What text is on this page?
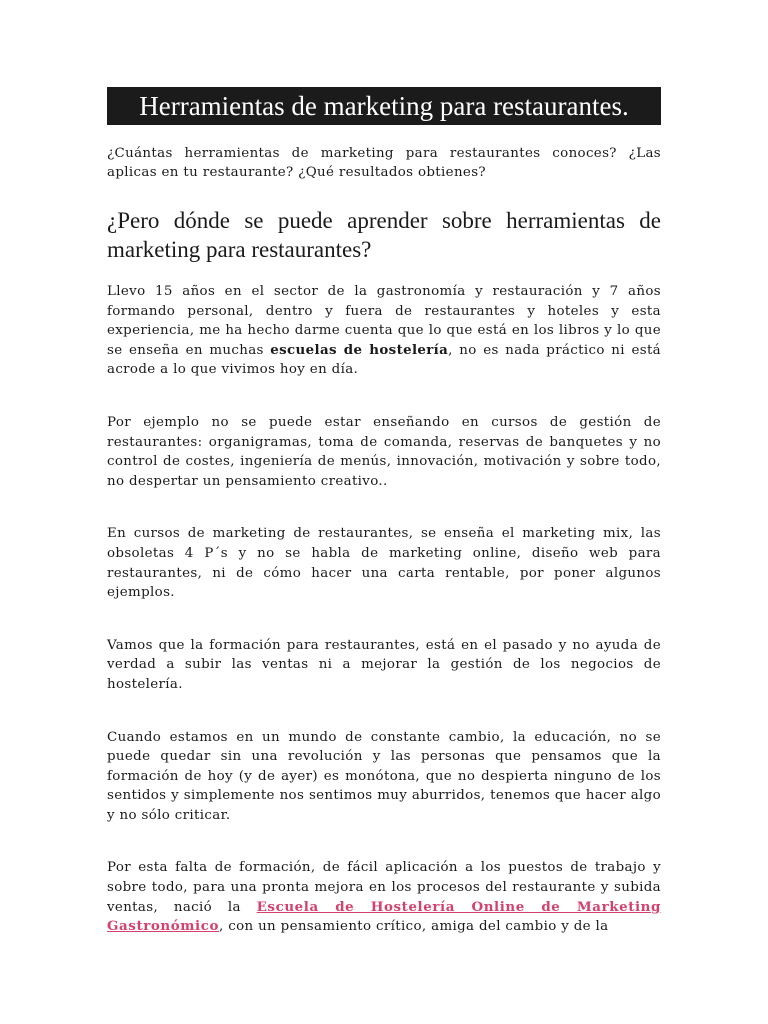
Herramientas de marketing para restaurantes.

¿Cuántas herramientas de marketing para restaurantes conoces? ¿Las aplicas en tu restaurante? ¿Qué resultados obtienes?

¿Pero dónde se puede aprender sobre herramientas de marketing para restaurantes?

Llevo 15 años en el sector de la gastronomía y restauración y 7 años formando personal, dentro y fuera de restaurantes y hoteles y esta experiencia, me ha hecho darme cuenta que lo que está en los libros y lo que se enseña en muchas escuelas de hostelería, no es nada práctico ni está acrode a lo que vivimos hoy en día.

Por ejemplo no se puede estar enseñando en cursos de gestión de restaurantes: organigramas, toma de comanda, reservas de banquetes y no control de costes, ingeniería de menús, innovación, motivación y sobre todo, no despertar un pensamiento creativo..

En cursos de marketing de restaurantes, se enseña el marketing mix, las obsoletas 4 P´s y no se habla de marketing online, diseño web para restaurantes, ni de cómo hacer una carta rentable, por poner algunos ejemplos.

Vamos que la formación para restaurantes, está en el pasado y no ayuda de verdad a subir las ventas ni a mejorar la gestión de los negocios de hostelería.

Cuando estamos en un mundo de constante cambio, la educación, no se puede quedar sin una revolución y las personas que pensamos que la formación de hoy (y de ayer) es monótona, que no despierta ninguno de los sentidos y simplemente nos sentimos muy aburridos, tenemos que hacer algo y no sólo criticar.

Por esta falta de formación, de fácil aplicación a los puestos de trabajo y sobre todo, para una pronta mejora en los procesos del restaurante y subida ventas, nació la Escuela de Hostelería Online de Marketing Gastronómico, con un pensamiento crítico, amiga del cambio y de la
